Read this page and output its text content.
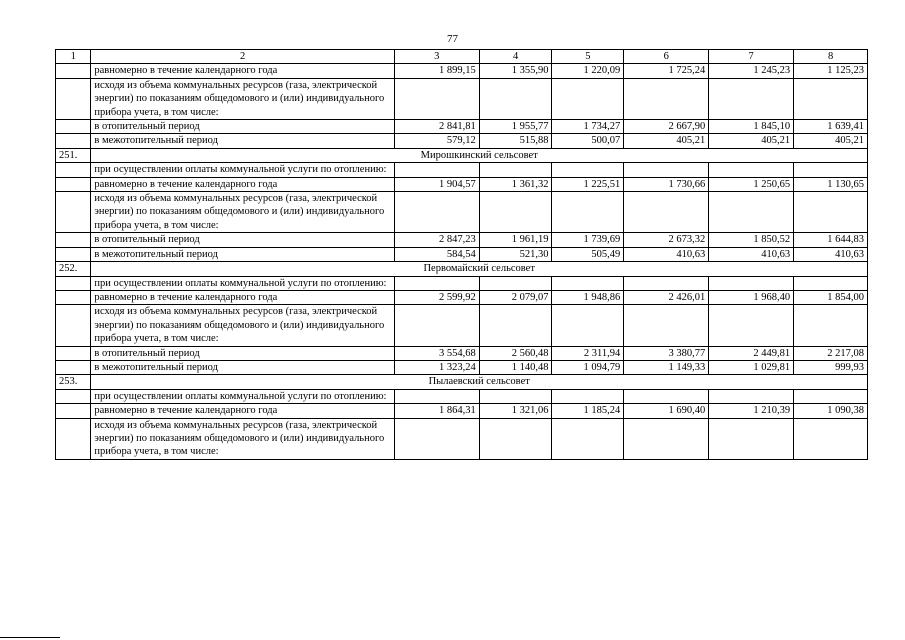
77
1	2	3	4	5	6	7	8
	равномерно в течение календарного года	1 899,15	1 355,90	1 220,09	1 725,24	1 245,23	1 125,23
	исходя из объема коммунальных ресурсов (газа, электрической энергии) по показаниям общедомового и (или) индивидуального прибора учета, в том числе:						
	в отопительный период	2 841,81	1 955,77	1 734,27	2 667,90	1 845,10	1 639,41
	в межотопительный период	579,12	515,88	500,07	405,21	405,21	405,21
251.	Мирошкинский сельсовет						
	при осуществлении оплаты коммунальной услуги по отоплению:						
	равномерно в течение календарного года	1 904,57	1 361,32	1 225,51	1 730,66	1 250,65	1 130,65
	исходя из объема коммунальных ресурсов (газа, электрической энергии) по показаниям общедомового и (или) индивидуального прибора учета, в том числе:						
	в отопительный период	2 847,23	1 961,19	1 739,69	2 673,32	1 850,52	1 644,83
	в межотопительный период	584,54	521,30	505,49	410,63	410,63	410,63
252.	Первомайский сельсовет						
	при осуществлении оплаты коммунальной услуги по отоплению:						
	равномерно в течение календарного года	2 599,92	2 079,07	1 948,86	2 426,01	1 968,40	1 854,00
	исходя из объема коммунальных ресурсов (газа, электрической энергии) по показаниям общедомового и (или) индивидуального прибора учета, в том числе:						
	в отопительный период	3 554,68	2 560,48	2 311,94	3 380,77	2 449,81	2 217,08
	в межотопительный период	1 323,24	1 140,48	1 094,79	1 149,33	1 029,81	999,93
253.	Пылаевский сельсовет						
	при осуществлении оплаты коммунальной услуги по отоплению:						
	равномерно в течение календарного года	1 864,31	1 321,06	1 185,24	1 690,40	1 210,39	1 090,38
	исходя из объема коммунальных ресурсов (газа, электрической энергии) по показаниям общедомового и (или) индивидуального прибора учета, в том числе:						
